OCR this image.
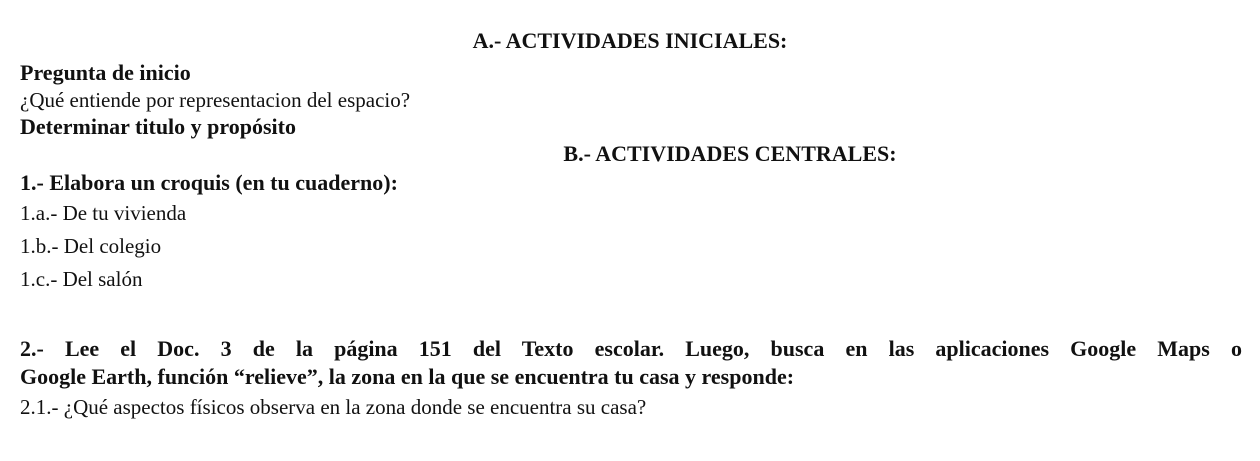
A.- ACTIVIDADES INICIALES:
Pregunta de inicio
¿Qué entiende por representacion del espacio?
Determinar titulo y propósito
B.- ACTIVIDADES CENTRALES:
1.- Elabora un croquis (en tu cuaderno):
1.a.- De tu vivienda
1.b.- Del colegio
1.c.- Del salón
2.- Lee el Doc. 3 de la página 151 del Texto escolar. Luego, busca en las aplicaciones Google Maps o
Google Earth, función “relieve”, la zona en la que se encuentra tu casa y responde:
2.1.- ¿Qué aspectos físicos observa en la zona donde se encuentra su casa?
